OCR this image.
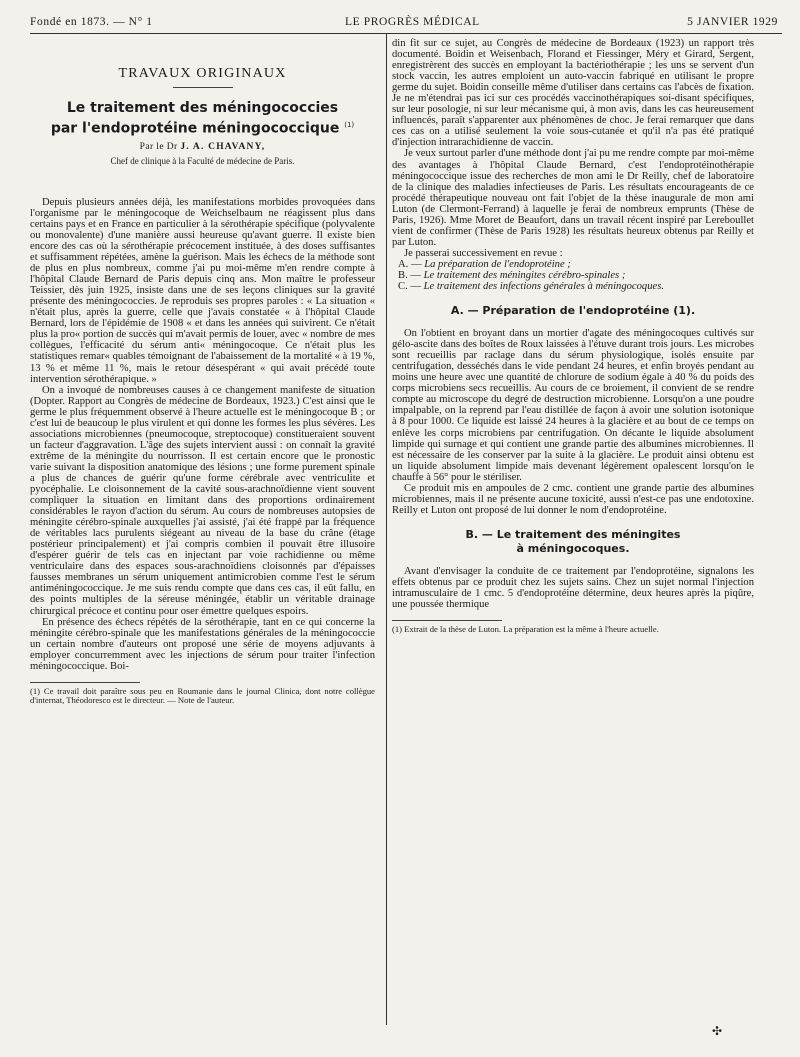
Fondé en 1873. — N° 1	LE PROGRÈS MÉDICAL	5 JANVIER 1929
TRAVAUX ORIGINAUX
Le traitement des méningococcies
par l'endoprotéine méningococcique $^{(1)}$
Par le Dr J. A. CHAVANY,
Chef de clinique à la Faculté de médecine de Paris.

Depuis plusieurs années déjà, les manifestations morbides provoquées dans l'organisme par le méningocoque de Weichselbaum ne réagissent plus dans certains pays et en France en particulier à la sérothérapie spécifique (polyvalente ou monovalente) d'une manière aussi heureuse qu'avant guerre. Il existe bien encore des cas où la sérothérapie précocement instituée, à des doses suffisantes et suffisamment répétées, amène la guérison. Mais les échecs de la méthode sont de plus en plus nombreux, comme j'ai pu moi-même m'en rendre compte à l'hôpital Claude Bernard de Paris depuis cinq ans. Mon maître le professeur Teissier, dès juin 1925, insiste dans une de ses leçons cliniques sur la gravité présente des méningococcies. Je reproduis ses propres paroles : « La situation « n'était plus, après la guerre, celle que j'avais constatée « à l'hôpital Claude Bernard, lors de l'épidémie de 1908 « et dans les années qui suivirent. Ce n'était plus la pro« portion de succès qui m'avait permis de louer, avec « nombre de mes collègues, l'efficacité du sérum anti« méningocoque. Ce n'était plus les statistiques remar« quables témoignant de l'abaissement de la mortalité « à 19 %, 13 % et même 11 %, mais le retour désespérant « qui avait précédé toute intervention sérothérapique. »

On a invoqué de nombreuses causes à ce changement manifeste de situation (Dopter. Rapport au Congrès de médecine de Bordeaux, 1923.) C'est ainsi que le germe le plus fréquemment observé à l'heure actuelle est le méningocoque B ; or c'est lui de beaucoup le plus virulent et qui donne les formes les plus sévères. Les associations microbiennes (pneumocoque, streptocoque) constitueraient souvent un facteur d'aggravation. L'âge des sujets intervient aussi : on connaît la gravité extrême de la méningite du nourrisson. Il est certain encore que le pronostic varie suivant la disposition anatomique des lésions ; une forme purement spinale a plus de chances de guérir qu'une forme cérébrale avec ventriculite et pyocéphalie. Le cloisonnement de la cavité sous-arachnoïdienne vient souvent compliquer la situation en limitant dans des proportions ordinairement considérables le rayon d'action du sérum. Au cours de nombreuses autopsies de méningite cérébro-spinale auxquelles j'ai assisté, j'ai été frappé par la fréquence de véritables lacs purulents siégeant au niveau de la base du crâne (étage postérieur principalement) et j'ai compris combien il pouvait être illusoire d'espérer guérir de tels cas en injectant par voie rachidienne ou même ventriculaire dans des espaces sous-arachnoïdiens cloisonnés par d'épaisses fausses membranes un sérum uniquement antimicrobien comme l'est le sérum antiméningococcique. Je me suis rendu compte que dans ces cas, il eût fallu, en des points multiples de la séreuse méningée, établir un véritable drainage chirurgical précoce et continu pour oser émettre quelques espoirs.

En présence des échecs répétés de la sérothérapie, tant en ce qui concerne la méningite cérébro-spinale que les manifestations générales de la méningococcie un certain nombre d'auteurs ont proposé une série de moyens adjuvants à employer concurremment avec les injections de sérum pour traiter l'infection méningococcique. Boi-

(1) Ce travail doit paraître sous peu en Roumanie dans le journal Clinica, dont notre collègue d'internat, Théodoresco est le directeur. — Note de l'auteur.

din fit sur ce sujet, au Congrès de médecine de Bordeaux (1923) un rapport très documenté. Boidin et Weisenbach, Florand et Fiessinger, Méry et Girard, Sergent, enregistrèrent des succès en employant la bactériothérapie ; les uns se servent d'un stock vaccin, les autres emploient un auto-vaccin fabriqué en utilisant le propre germe du sujet. Boidin conseille même d'utiliser dans certains cas l'abcès de fixation. Je ne m'étendrai pas ici sur ces procédés vaccinothérapiques soi-disant spécifiques, sur leur posologie, ni sur leur mécanisme qui, à mon avis, dans les cas heureusement influencés, paraît s'apparenter aux phénomènes de choc. Je ferai remarquer que dans ces cas on a utilisé seulement la voie sous-cutanée et qu'il n'a pas été pratiqué d'injection intrarachidienne de vaccin.

Je veux surtout parler d'une méthode dont j'ai pu me rendre compte par moi-même des avantages à l'hôpital Claude Bernard, c'est l'endoprotéinothérapie méningococcique issue des recherches de mon ami le Dr Reilly, chef de laboratoire de la clinique des maladies infectieuses de Paris. Les résultats encourageants de ce procédé thérapeutique nouveau ont fait l'objet de la thèse inaugurale de mon ami Luton (de Clermont-Ferrand) à laquelle je ferai de nombreux emprunts (Thèse de Paris, 1926). Mme Moret de Beaufort, dans un travail récent inspiré par Lereboullet vient de confirmer (Thèse de Paris 1928) les résultats heureux obtenus par Reilly et par Luton.

Je passerai successivement en revue :

A. — La préparation de l'endoprotéine ;

B. — Le traitement des méningites cérébro-spinales ;

C. — Le traitement des infections générales à méningocoques.

A. — Préparation de l'endoprotéine (1).

On l'obtient en broyant dans un mortier d'agate des méningocoques cultivés sur gélo-ascite dans des boîtes de Roux laissées à l'étuve durant trois jours. Les microbes sont recueillis par raclage dans du sérum physiologique, isolés ensuite par centrifugation, desséchés dans le vide pendant 24 heures, et enfin broyés pendant au moins une heure avec une quantité de chlorure de sodium égale à 40 % du poids des corps microbiens secs recueillis. Au cours de ce broiement, il convient de se rendre compte au microscope du degré de destruction microbienne. Lorsqu'on a une poudre impalpable, on la reprend par l'eau distillée de façon à avoir une solution isotonique à 8 pour 1000. Ce liquide est laissé 24 heures à la glacière et au bout de ce temps on enlève les corps microbiens par centrifugation. On décante le liquide absolument limpide qui surnage et qui contient une grande partie des albumines microbiennes. Il est nécessaire de les conserver par la suite à la glacière. Le produit ainsi obtenu est un liquide absolument limpide mais devenant légèrement opalescent lorsqu'on le chauffe à 56° pour le stériliser.

Ce produit mis en ampoules de 2 cmc. contient une grande partie des albumines microbiennes, mais il ne présente aucune toxicité, aussi n'est-ce pas une endotoxine. Reilly et Luton ont proposé de lui donner le nom d'endoprotéine.

B. — Le traitement des méningites
à méningocoques.

Avant d'envisager la conduite de ce traitement par l'endoprotéine, signalons les effets obtenus par ce produit chez les sujets sains. Chez un sujet normal l'injection intramusculaire de 1 cmc. 5 d'endoprotéine détermine, deux heures après la piqûre, une poussée thermique

(1) Extrait de la thèse de Luton. La préparation est la même à l'heure actuelle.

✣
